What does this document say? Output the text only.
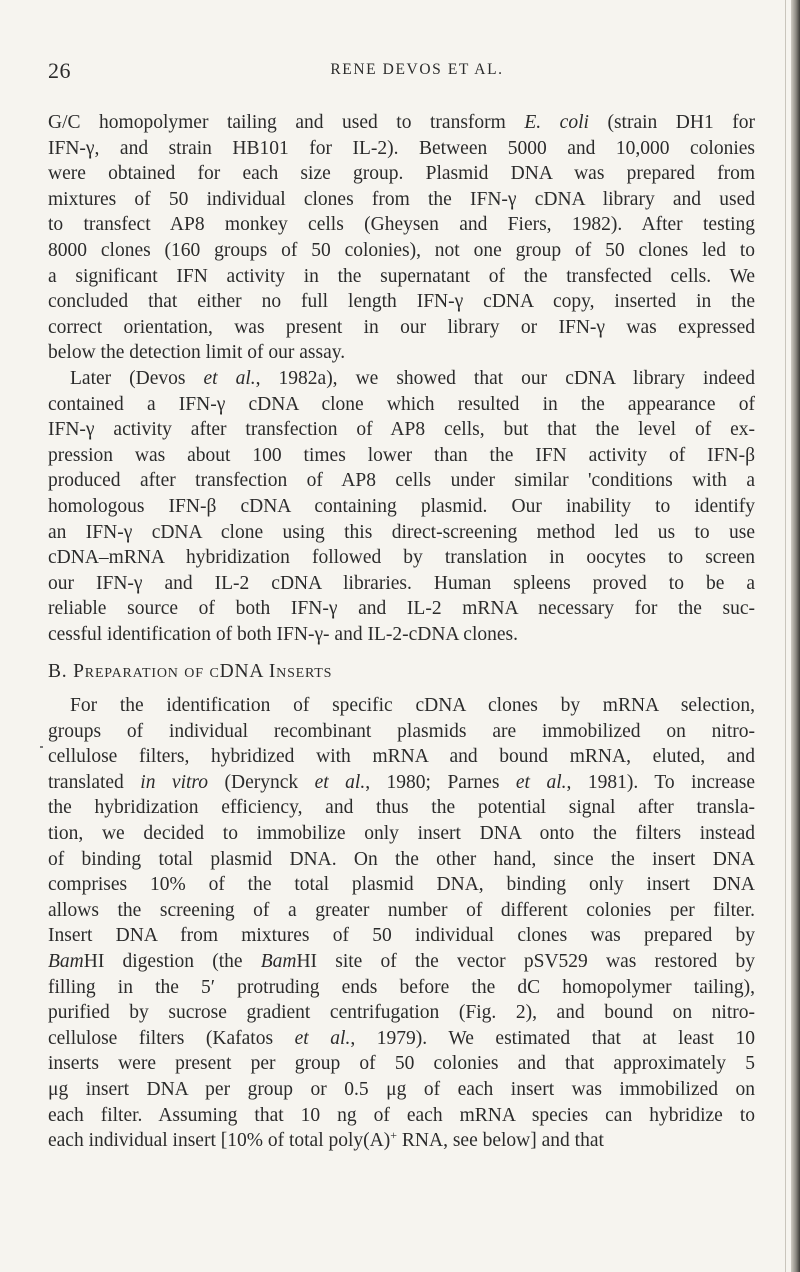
26	RENE DEVOS ET AL.
G/C homopolymer tailing and used to transform E. coli (strain DH1 for
IFN-γ, and strain HB101 for IL-2). Between 5000 and 10,000 colonies
were obtained for each size group. Plasmid DNA was prepared from
mixtures of 50 individual clones from the IFN-γ cDNA library and used
to transfect AP8 monkey cells (Gheysen and Fiers, 1982). After testing
8000 clones (160 groups of 50 colonies), not one group of 50 clones led to
a significant IFN activity in the supernatant of the transfected cells. We
concluded that either no full length IFN-γ cDNA copy, inserted in the
correct orientation, was present in our library or IFN-γ was expressed
below the detection limit of our assay.
Later (Devos et al., 1982a), we showed that our cDNA library indeed
contained a IFN-γ cDNA clone which resulted in the appearance of
IFN-γ activity after transfection of AP8 cells, but that the level of ex-
pression was about 100 times lower than the IFN activity of IFN-β
produced after transfection of AP8 cells under similar 'conditions with a
homologous IFN-β cDNA containing plasmid. Our inability to identify
an IFN-γ cDNA clone using this direct-screening method led us to use
cDNA–mRNA hybridization followed by translation in oocytes to screen
our IFN-γ and IL-2 cDNA libraries. Human spleens proved to be a
reliable source of both IFN-γ and IL-2 mRNA necessary for the suc-
cessful identification of both IFN-γ- and IL-2-cDNA clones.
B. Preparation of cDNA Inserts
For the identification of specific cDNA clones by mRNA selection,
groups of individual recombinant plasmids are immobilized on nitro-
cellulose filters, hybridized with mRNA and bound mRNA, eluted, and
translated in vitro (Derynck et al., 1980; Parnes et al., 1981). To increase
the hybridization efficiency, and thus the potential signal after transla-
tion, we decided to immobilize only insert DNA onto the filters instead
of binding total plasmid DNA. On the other hand, since the insert DNA
comprises 10% of the total plasmid DNA, binding only insert DNA
allows the screening of a greater number of different colonies per filter.
Insert DNA from mixtures of 50 individual clones was prepared by
BamHI digestion (the BamHI site of the vector pSV529 was restored by
filling in the 5′ protruding ends before the dC homopolymer tailing),
purified by sucrose gradient centrifugation (Fig. 2), and bound on nitro-
cellulose filters (Kafatos et al., 1979). We estimated that at least 10
inserts were present per group of 50 colonies and that approximately 5
μg insert DNA per group or 0.5 μg of each insert was immobilized on
each filter. Assuming that 10 ng of each mRNA species can hybridize to
each individual insert [10% of total poly(A)+ RNA, see below] and that
